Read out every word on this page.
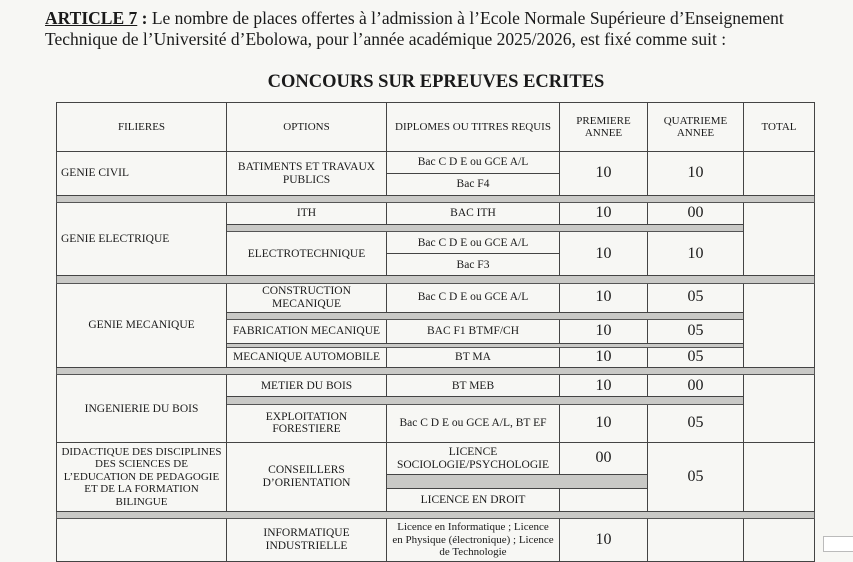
ARTICLE 7 : Le nombre de places offertes à l’admission à l’Ecole Normale Supérieure d’Enseignement Technique de l’Université d’Ebolowa, pour l’année académique 2025/2026, est fixé comme suit :
CONCOURS SUR EPREUVES ECRITES
FILIERES	OPTIONS	DIPLOMES OU TITRES REQUIS	PREMIERE ANNEE	QUATRIEME ANNEE	TOTAL
GENIE CIVIL	BATIMENTS ET TRAVAUX PUBLICS	Bac C D E ou GCE A/L	10	10	
		Bac F4			

GENIE ELECTRIQUE	ITH	BAC ITH	10	00	

	ELECTROTECHNIQUE	Bac C D E ou GCE A/L	10	10	
		Bac F3			

GENIE MECANIQUE	CONSTRUCTION MECANIQUE	Bac C D E ou GCE A/L	10	05	

	FABRICATION MECANIQUE	BAC F1 BTMF/CH	10	05	

	MECANIQUE AUTOMOBILE	BT MA	10	05	

INGENIERIE DU BOIS	METIER DU BOIS	BT MEB	10	00	

	EXPLOITATION FORESTIERE	Bac C D E ou GCE A/L, BT EF	10	05	
DIDACTIQUE DES DISCIPLINES DES SCIENCES DE L’EDUCATION DE PEDAGOGIE ET DE LA FORMATION BILINGUE	CONSEILLERS D’ORIENTATION	LICENCE SOCIOLOGIE/PSYCHOLOGIE	00	05	

		LICENCE EN DROIT			

	INFORMATIQUE INDUSTRIELLE	Licence en Informatique ; Licence en Physique (électronique) ; Licence de Technologie	10		
